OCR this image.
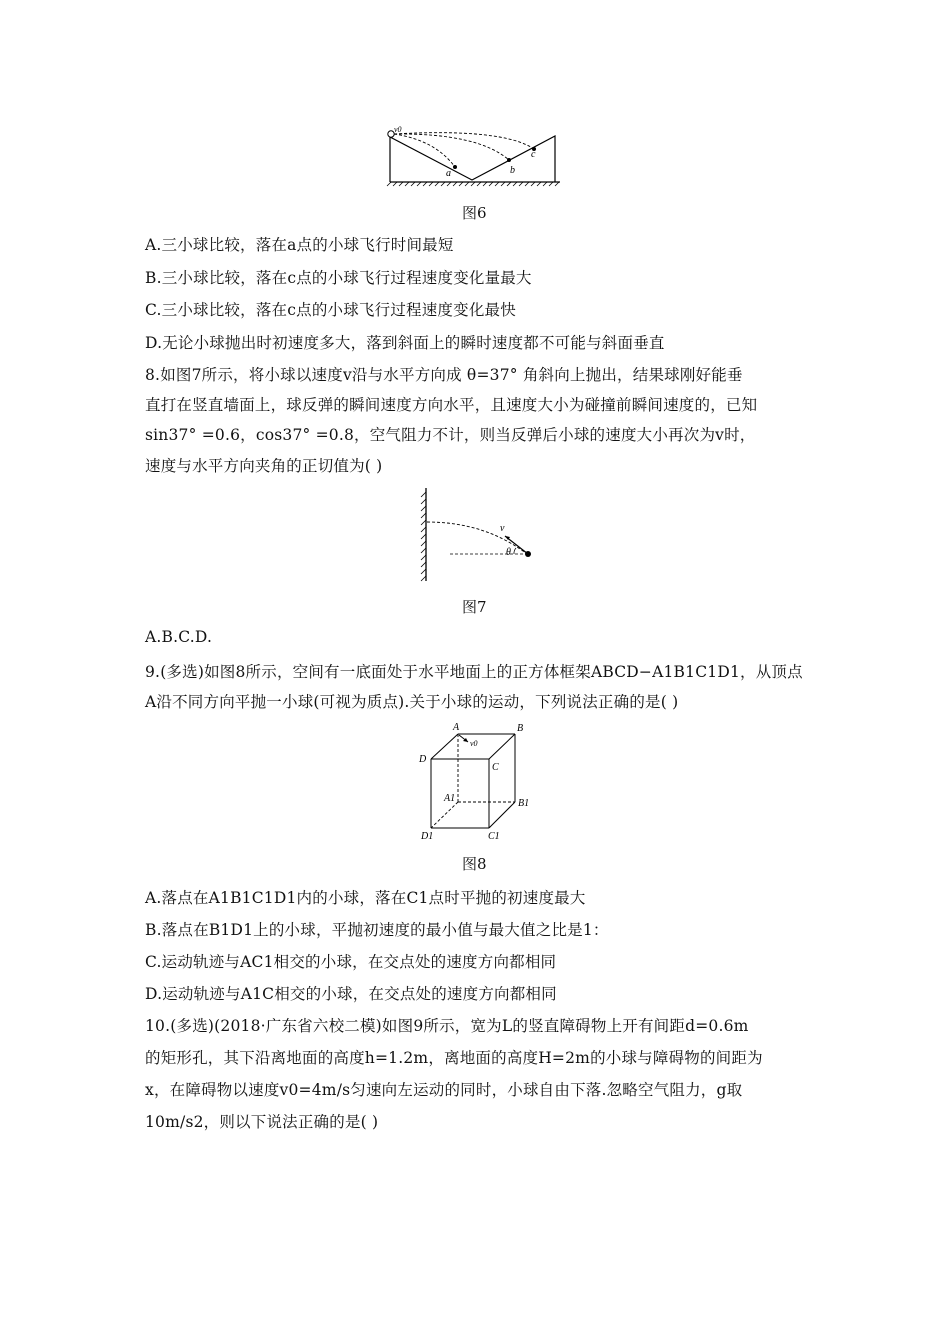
v0
a	b
c
图6
A.三小球比较，落在a点的小球飞行时间最短
B.三小球比较，落在c点的小球飞行过程速度变化量最大
C.三小球比较，落在c点的小球飞行过程速度变化最快
D.无论小球抛出时初速度多大，落到斜面上的瞬时速度都不可能与斜面垂直
8.如图7所示，将小球以速度v沿与水平方向成 θ=37° 角斜向上抛出，结果球刚好能垂
直打在竖直墙面上，球反弹的瞬间速度方向水平，且速度大小为碰撞前瞬间速度的，已知
sin37° =0.6，cos37° =0.8，空气阻力不计，则当反弹后小球的速度大小再次为v时，
速度与水平方向夹角的正切值为( )
v
θ
图7
A.B.C.D.
9.(多选)如图8所示，空间有一底面处于水平地面上的正方体框架ABCD−A1B1C1D1，从顶点
A沿不同方向平抛一小球(可视为质点).关于小球的运动，下列说法正确的是( )
A	B
C
D
A1	B1
C1
D1
v0
图8
A.落点在A1B1C1D1内的小球，落在C1点时平抛的初速度最大
B.落点在B1D1上的小球，平抛初速度的最小值与最大值之比是1：
C.运动轨迹与AC1相交的小球，在交点处的速度方向都相同
D.运动轨迹与A1C相交的小球，在交点处的速度方向都相同
10.(多选)(2018·广东省六校二模)如图9所示，宽为L的竖直障碍物上开有间距d=0.6m
的矩形孔，其下沿离地面的高度h=1.2m，离地面的高度H=2m的小球与障碍物的间距为
x，在障碍物以速度v0=4m/s匀速向左运动的同时，小球自由下落.忽略空气阻力，g取
10m/s2，则以下说法正确的是( )
